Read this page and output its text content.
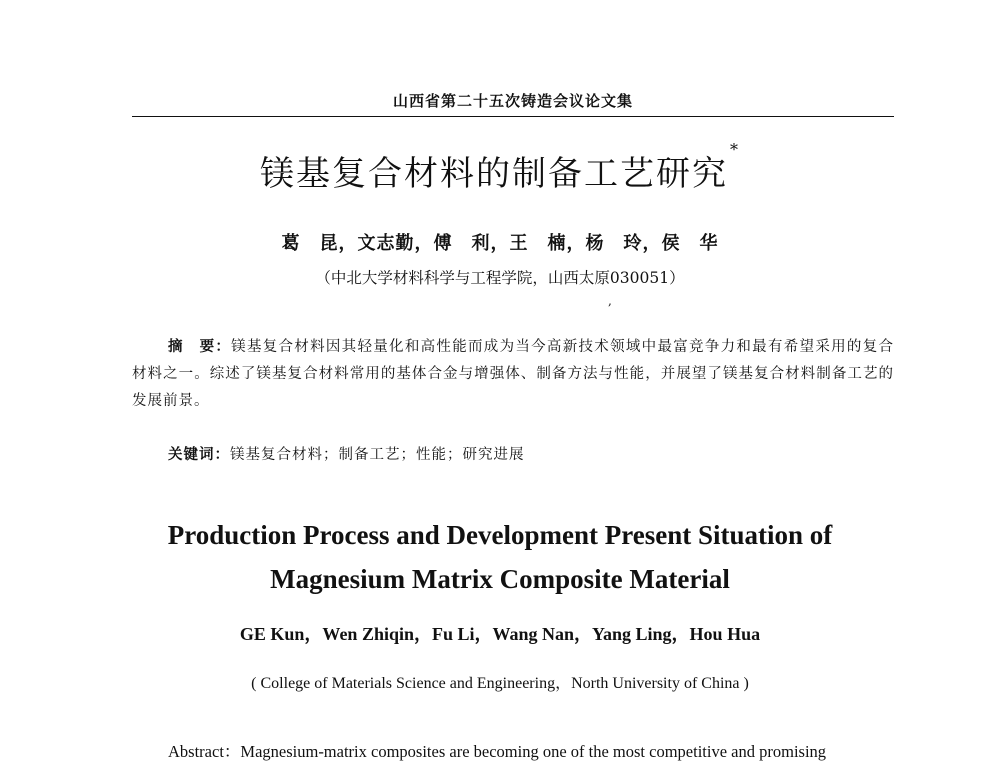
山西省第二十五次铸造会议论文集
镁基复合材料的制备工艺研究*
葛　昆，文志勤，傅　利，王　楠，杨　玲，侯　华
（中北大学材料科学与工程学院，山西太原030051）
,
摘　要：镁基复合材料因其轻量化和高性能而成为当今高新技术领域中最富竞争力和最有希望采用的复合材料之一。综述了镁基复合材料常用的基体合金与增强体、制备方法与性能，并展望了镁基复合材料制备工艺的发展前景。
关键词：镁基复合材料；制备工艺；性能；研究进展
Production Process and Development Present Situation of
Magnesium Matrix Composite Material
GE Kun，Wen Zhiqin，Fu Li，Wang Nan，Yang Ling，Hou Hua
( College of Materials Science and Engineering，North University of China )
Abstract：Magnesium-matrix composites are becoming one of the most competitive and promising
